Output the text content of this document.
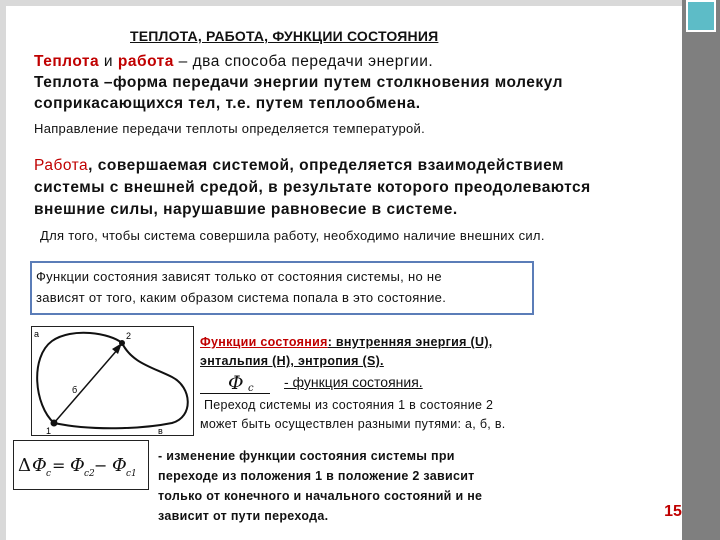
ТЕПЛОТА, РАБОТА, ФУНКЦИИ СОСТОЯНИЯ
Теплота и работа – два способа передачи энергии.
Теплота –форма передачи энергии путем столкновения молекул
соприкасающихся тел, т.е. путем теплообмена.
Направление передачи теплоты определяется температурой.
Работа, совершаемая системой, определяется взаимодействием
системы с внешней средой, в результате которого преодолеваются
внешние силы, нарушавшие равновесие в системе.
Для того, чтобы система совершила работу, необходимо наличие внешних сил.
Функции состояния зависят только от состояния системы, но не
зависят от того, каким образом система попала в это состояние.
а	2
б
1	в
Функции состояния: внутренняя энергия (U),
энтальпия (Н), энтропия (S).
Φ c - функция состояния.
Переход системы из состояния 1 в состояние 2
может быть осуществлен разными путями: а, б, в.
Δ Φ c = Φ c2 − Φ c1
- изменение функции состояния системы при
переходе из положения 1 в положение 2 зависит
только от конечного и начального состояний и не
зависит от пути перехода.	15
